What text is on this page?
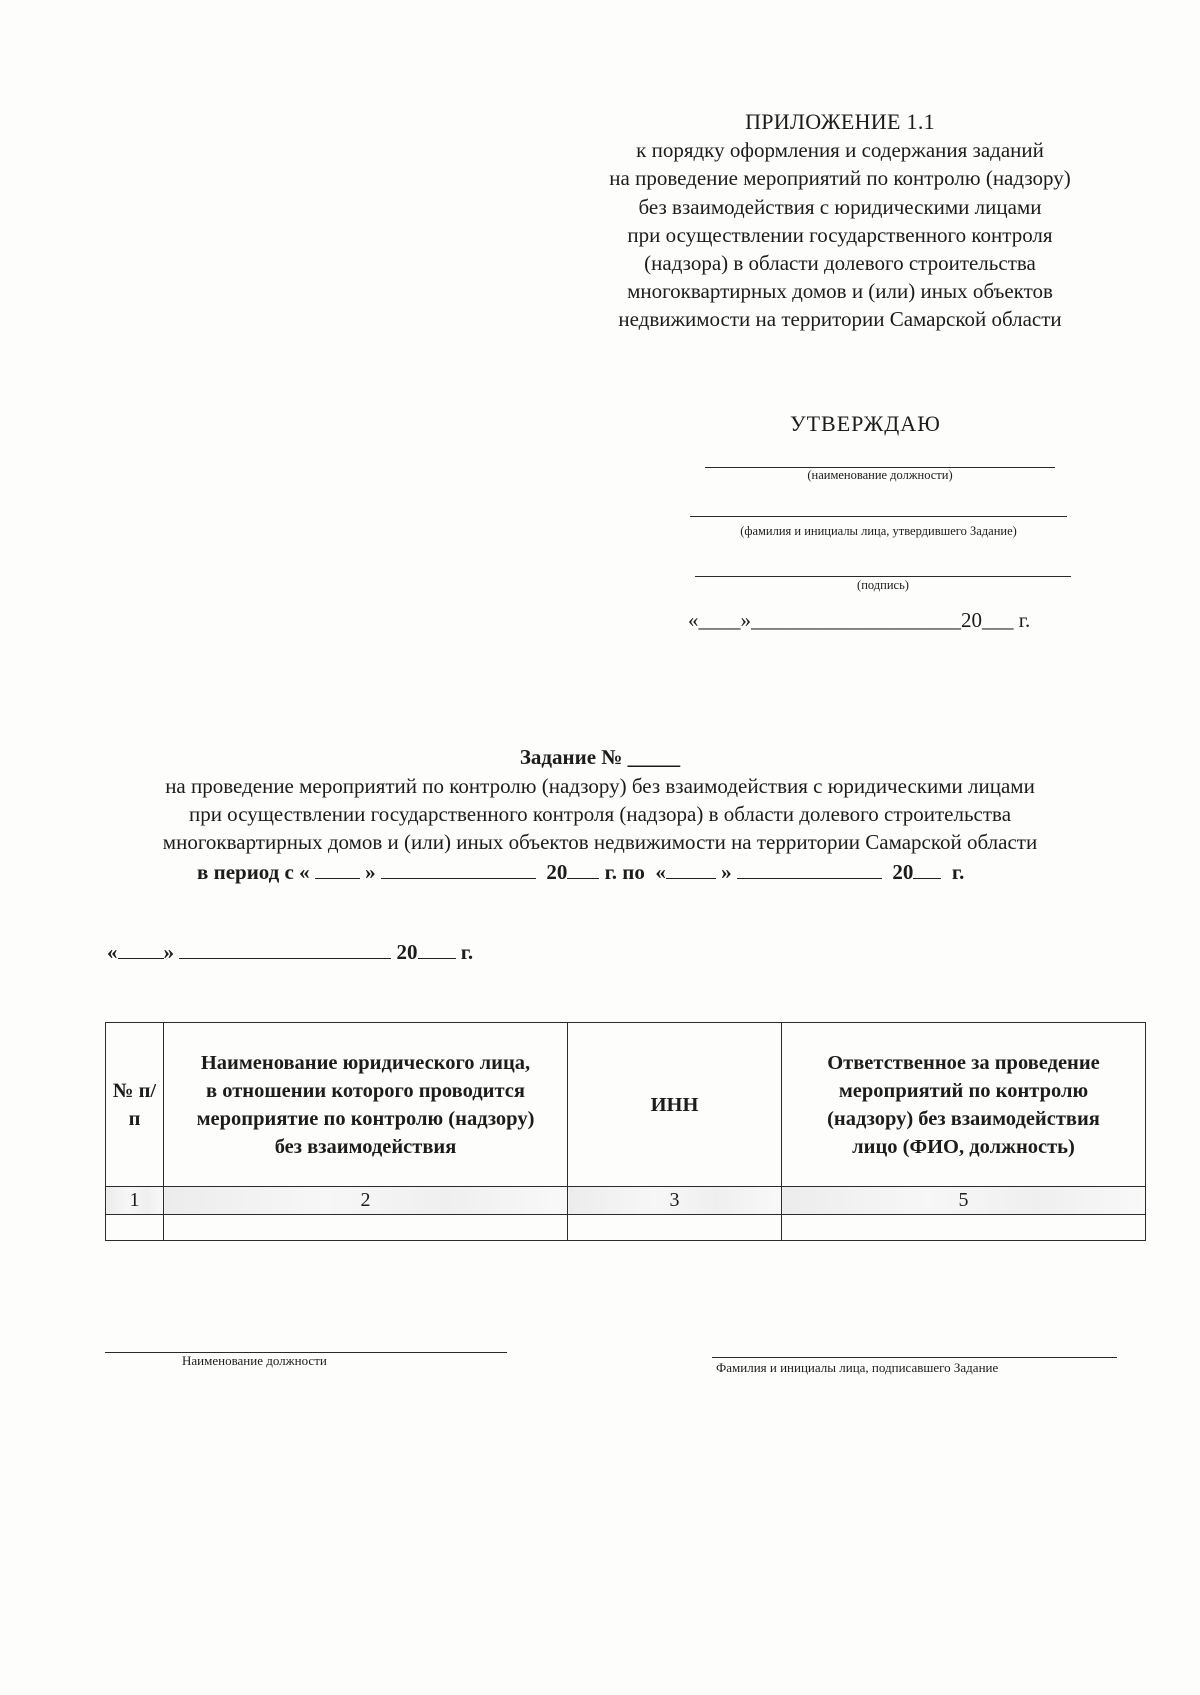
ПРИЛОЖЕНИЕ 1.1
к порядку оформления и содержания заданий
на проведение мероприятий по контролю (надзору)
без взаимодействия с юридическими лицами
при осуществлении государственного контроля
(надзора) в области долевого строительства
многоквартирных домов и (или) иных объектов
недвижимости на территории Самарской области
УТВЕРЖДАЮ
(наименование должности)
(фамилия и инициалы лица, утвердившего Задание)
(подпись)
«____»____________________20___ г.
Задание № _____
на проведение мероприятий по контролю (надзору) без взаимодействия с юридическими лицами
при осуществлении государственного контроля (надзора) в области долевого строительства
многоквартирных домов и (или) иных объектов недвижимости на территории Самарской области
в период с «	»	20 г. по «	»	20 г.
« »	20 г.
№ п/п	Наименование юридического лица, в отношении которого проводится мероприятие по контролю (надзору) без взаимодействия	ИНН	Ответственное за проведение мероприятий по контролю (надзору) без взаимодействия лицо (ФИО, должность)
1	2	3	5

Наименование должности	Фамилия и инициалы лица, подписавшего Задание
